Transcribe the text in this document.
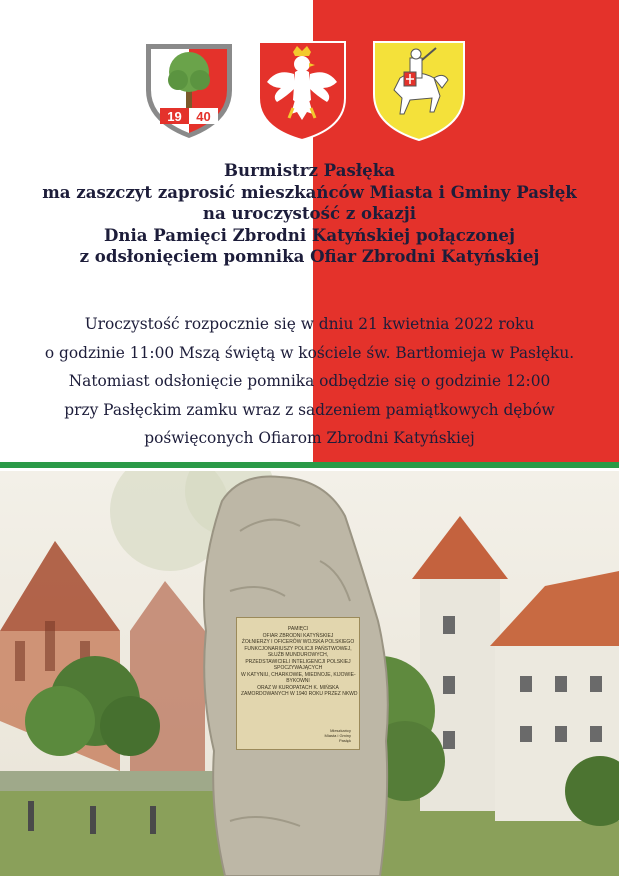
19 40
Burmistrz Pasłęka
ma zaszczyt zaprosić mieszkańców Miasta i Gminy Pasłęk
na uroczystość z okazji
Dnia Pamięci Zbrodni Katyńskiej połączonej
z odsłonięciem pomnika Ofiar Zbrodni Katyńskiej
Uroczystość rozpocznie się w dniu 21 kwietnia 2022 roku
o godzinie 11:00 Mszą świętą w kościele św. Bartłomieja w Pasłęku.
Natomiast odsłonięcie pomnika odbędzie się o godzinie 12:00
przy Pasłęckim zamku wraz z sadzeniem pamiątkowych dębów
poświęconych Ofiarom Zbrodni Katyńskiej
PAMIĘCI
OFIAR ZBRODNI KATYŃSKIEJ
ŻOŁNIERZY I OFICERÓW WOJSKA POLSKIEGO
FUNKCJONARIUSZY POLICJI PAŃSTWOWEJ,
SŁUŻB MUNDUROWYCH,
PRZEDSTAWICIELI INTELIGENCJI POLSKIEJ
SPOCZYWAJĄCYCH
W KATYNIU, CHARKOWIE, MIEDNOJE, KIJOWIE-
BYKOWNI
ORAZ W KUROPATACH K. MIŃSKA
ZAMORDOWANYCH W 1940 ROKU PRZEZ NKWD
Mieszkańcy
Miasta i Gminy
Pasłęk
